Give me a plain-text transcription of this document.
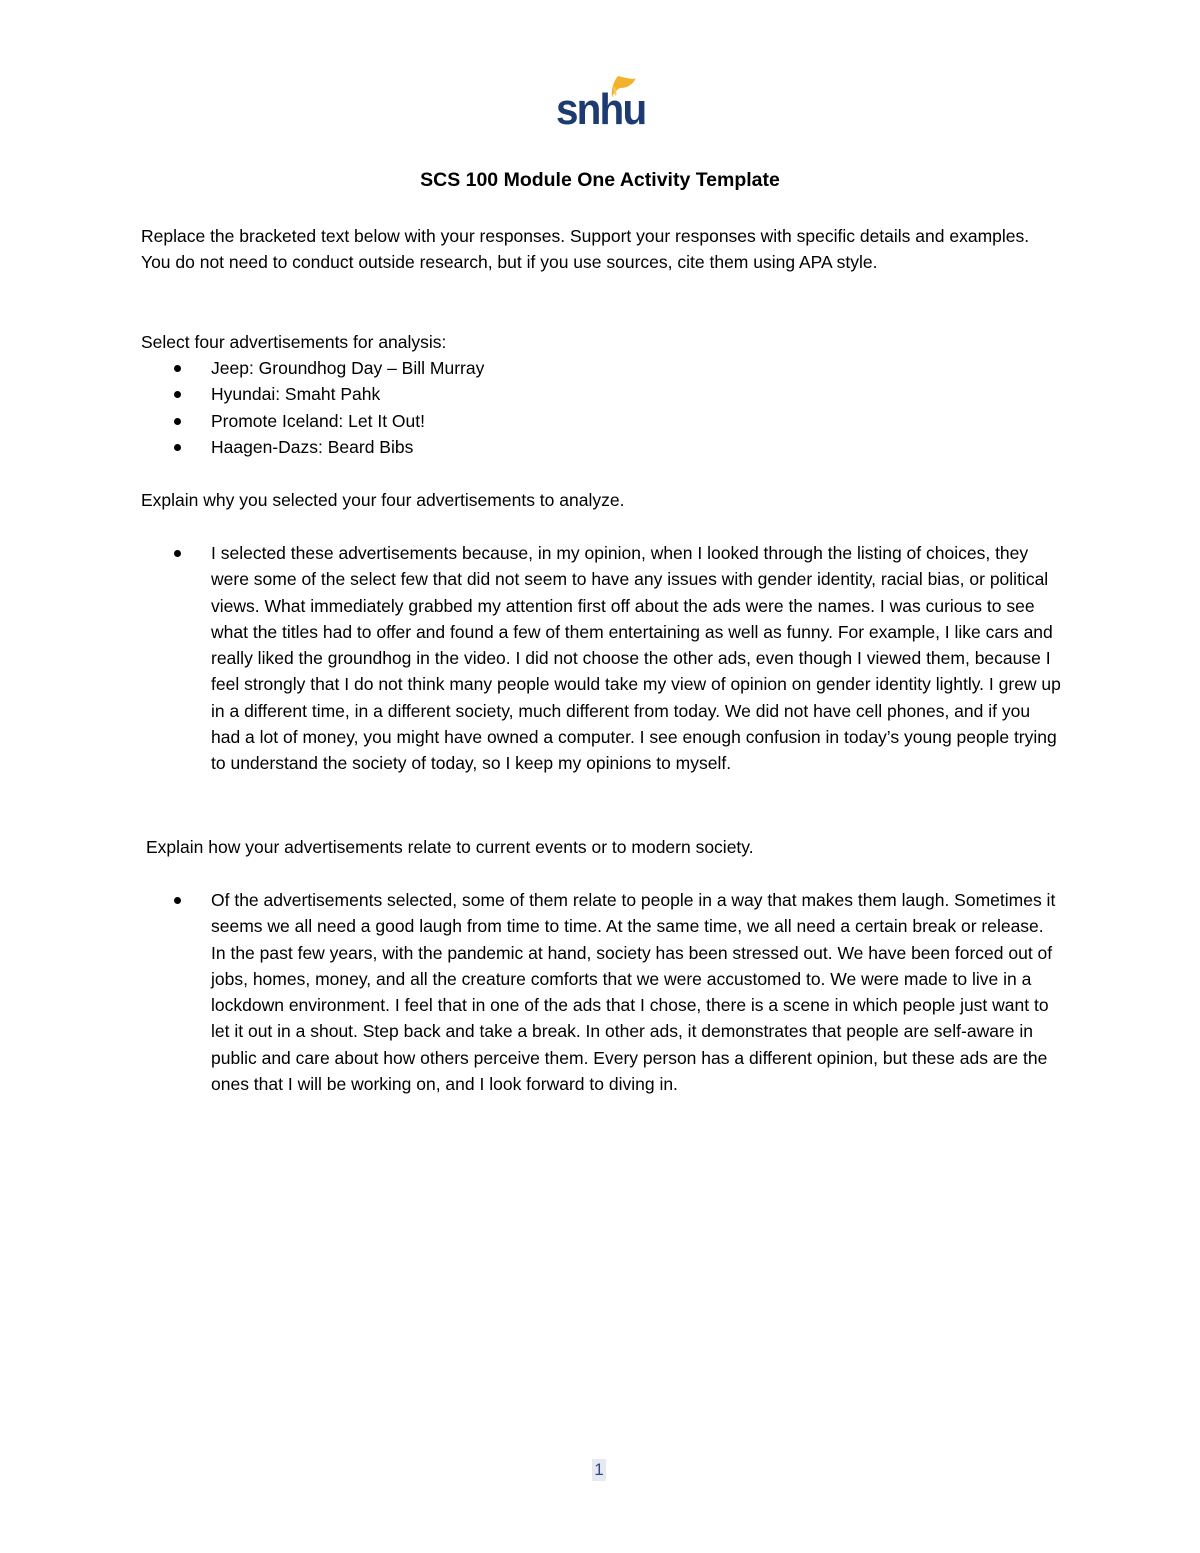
snhu
SCS 100 Module One Activity Template
Replace the bracketed text below with your responses. Support your responses with specific details and examples. You do not need to conduct outside research, but if you use sources, cite them using APA style.
Select four advertisements for analysis:
Jeep: Groundhog Day – Bill Murray
Hyundai: Smaht Pahk
Promote Iceland: Let It Out!
Haagen-Dazs: Beard Bibs
Explain why you selected your four advertisements to analyze.
I selected these advertisements because, in my opinion, when I looked through the listing of choices, they were some of the select few that did not seem to have any issues with gender identity, racial bias, or political views. What immediately grabbed my attention first off about the ads were the names. I was curious to see what the titles had to offer and found a few of them entertaining as well as funny. For example, I like cars and really liked the groundhog in the video. I did not choose the other ads, even though I viewed them, because I feel strongly that I do not think many people would take my view of opinion on gender identity lightly. I grew up in a different time, in a different society, much different from today. We did not have cell phones, and if you had a lot of money, you might have owned a computer. I see enough confusion in today’s young people trying to understand the society of today, so I keep my opinions to myself.
Explain how your advertisements relate to current events or to modern society.
Of the advertisements selected, some of them relate to people in a way that makes them laugh. Sometimes it seems we all need a good laugh from time to time. At the same time, we all need a certain break or release. In the past few years, with the pandemic at hand, society has been stressed out. We have been forced out of jobs, homes, money, and all the creature comforts that we were accustomed to. We were made to live in a lockdown environment. I feel that in one of the ads that I chose, there is a scene in which people just want to let it out in a shout. Step back and take a break. In other ads, it demonstrates that people are self-aware in public and care about how others perceive them. Every person has a different opinion, but these ads are the ones that I will be working on, and I look forward to diving in.
1
